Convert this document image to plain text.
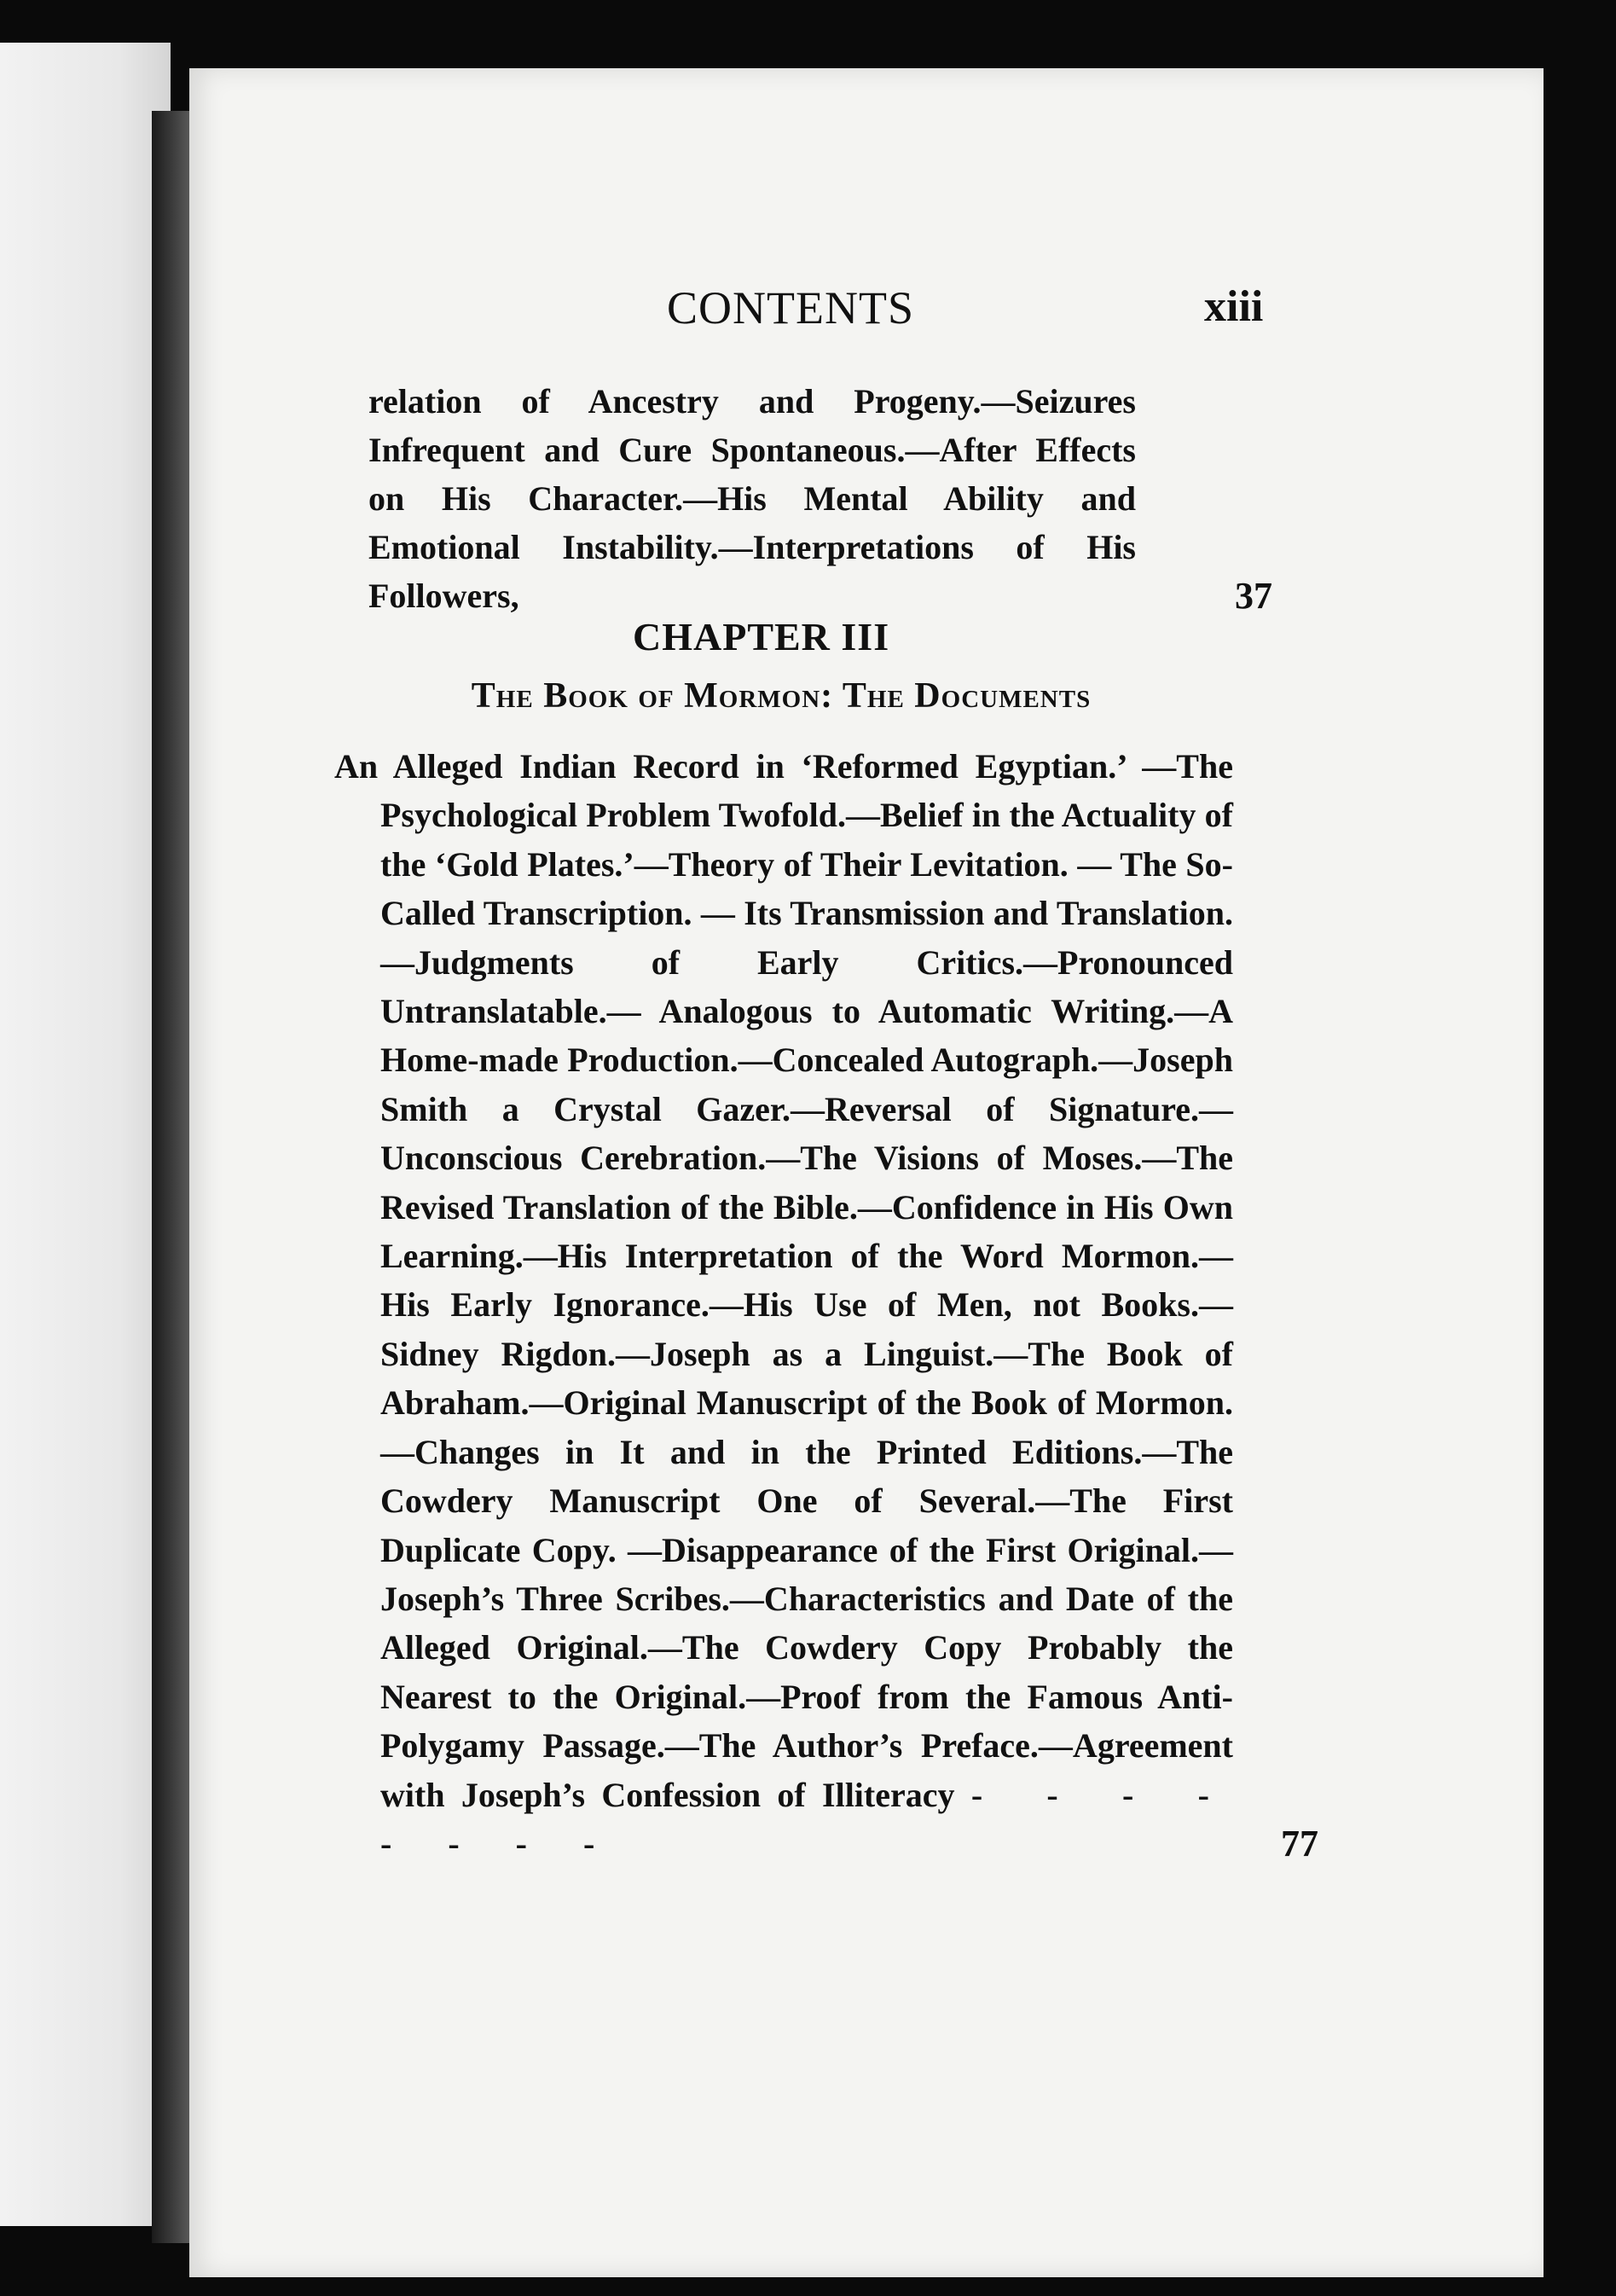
CONTENTS	xiii
relation of Ancestry and Progeny.—Seizures Infrequent and Cure Spontaneous.—After Effects on His Character.—His Mental Ability and Emotional Instability.—Interpretations of His Followers,	37
CHAPTER III
The Book of Mormon: The Documents
An Alleged Indian Record in ‘Reformed Egyptian.’ —The Psychological Problem Twofold.—Belief in the Actuality of the ‘Gold Plates.’—Theory of Their Levitation. — The So-Called Transcription. — Its Transmission and Translation.—Judgments of Early Critics.—Pronounced Untranslatable.— Analogous to Automatic Writing.—A Home-made Production.—Concealed Autograph.—Joseph Smith a Crystal Gazer.—Reversal of Signature.—Unconscious Cerebration.—The Visions of Moses.—The Revised Translation of the Bible.—Confidence in His Own Learning.—His Interpretation of the Word Mormon.—His Early Ignorance.—His Use of Men, not Books.—Sidney Rigdon.—Joseph as a Linguist.—The Book of Abraham.—Original Manuscript of the Book of Mormon.—Changes in It and in the Printed Editions.—The Cowdery Manuscript One of Several.—The First Duplicate Copy. —Disappearance of the First Original.—Joseph’s Three Scribes.—Characteristics and Date of the Alleged Original.—The Cowdery Copy Probably the Nearest to the Original.—Proof from the Famous Anti-Polygamy Passage.—The Author’s Preface.—Agreement with Joseph’s Confession of Illiteracy - - - - - - - -	77
